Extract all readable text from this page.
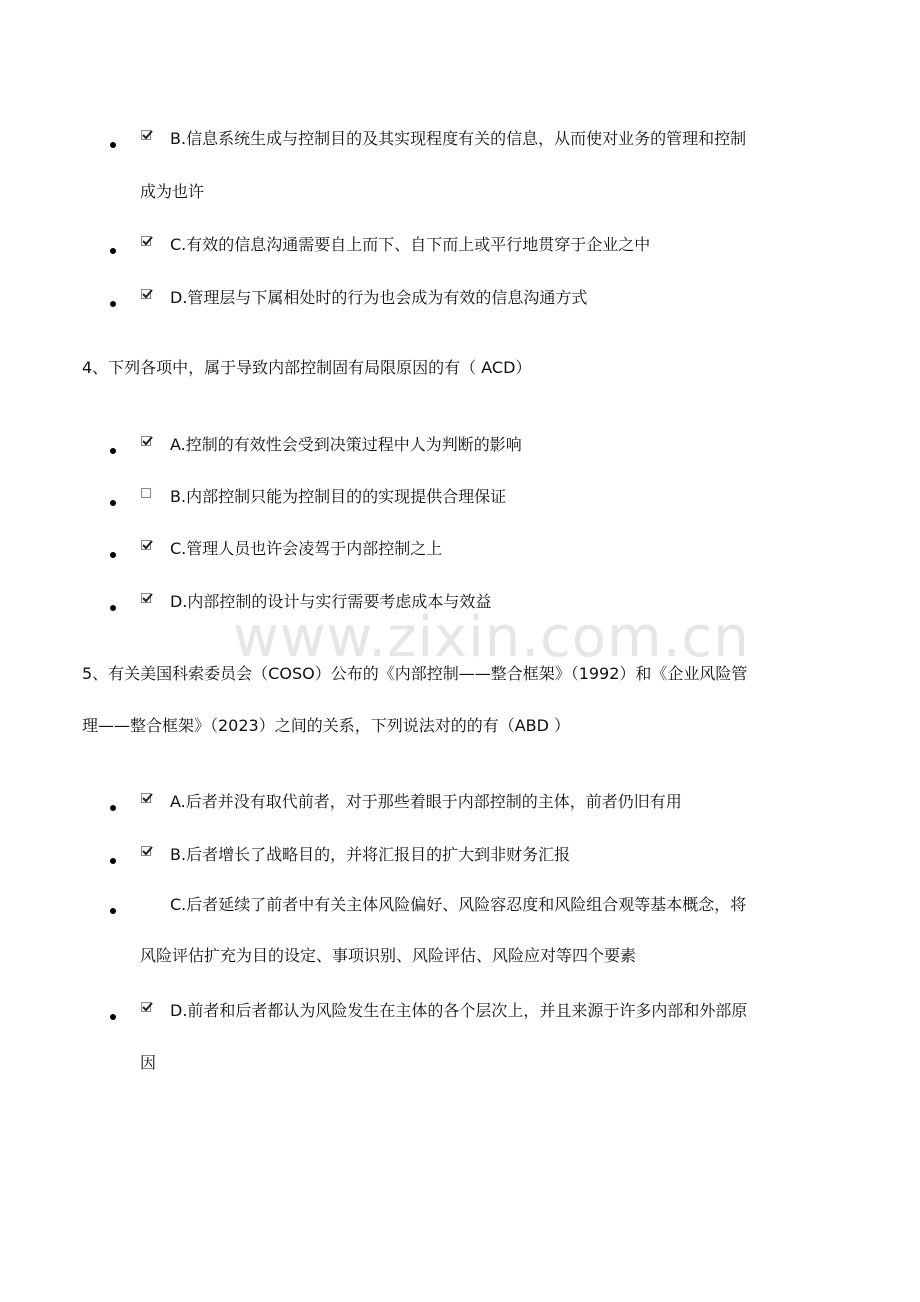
www.zixin.com.cn
B.信息系统生成与控制目的及其实现程度有关的信息，从而使对业务的管理和控制
成为也许
C.有效的信息沟通需要自上而下、自下而上或平行地贯穿于企业之中
D.管理层与下属相处时的行为也会成为有效的信息沟通方式
4、下列各项中，属于导致内部控制固有局限原因的有（ ACD）
A.控制的有效性会受到决策过程中人为判断的影响
B.内部控制只能为控制目的的实现提供合理保证
C.管理人员也许会凌驾于内部控制之上
D.内部控制的设计与实行需要考虑成本与效益
5、有关美国科索委员会（COSO）公布的《内部控制——整合框架》（1992）和《企业风险管
理——整合框架》（2023）之间的关系，下列说法对的的有（ABD ）
A.后者并没有取代前者，对于那些着眼于内部控制的主体，前者仍旧有用
B.后者增长了战略目的，并将汇报目的扩大到非财务汇报
C.后者延续了前者中有关主体风险偏好、风险容忍度和风险组合观等基本概念，将
风险评估扩充为目的设定、事项识别、风险评估、风险应对等四个要素
D.前者和后者都认为风险发生在主体的各个层次上，并且来源于许多内部和外部原
因
